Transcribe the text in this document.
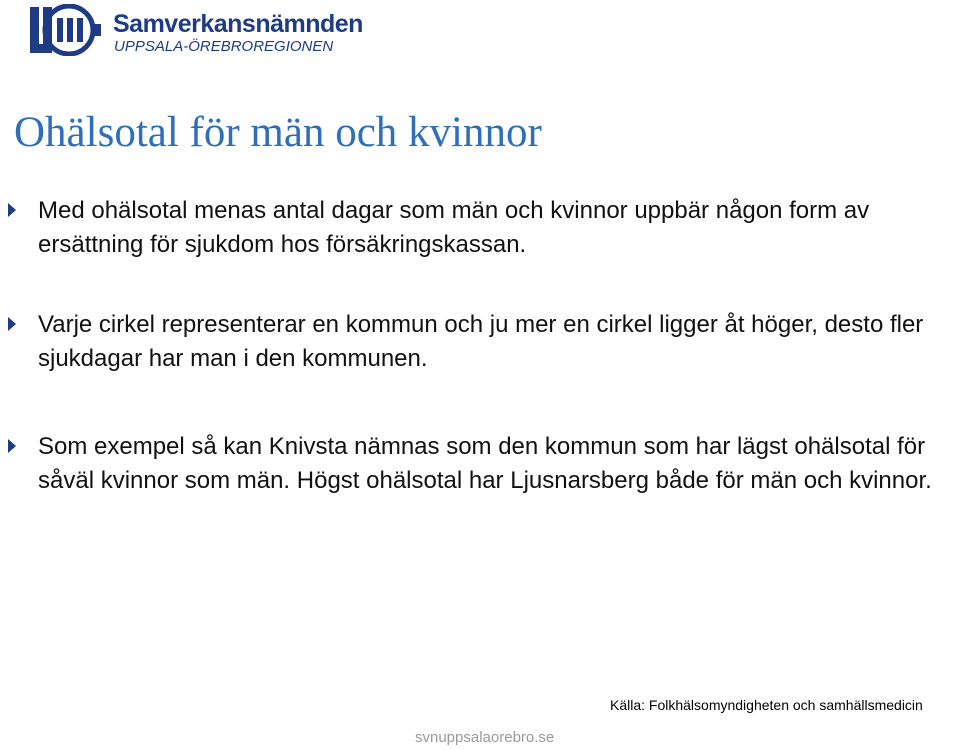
Samverkansnämnden
UPPSALA-ÖREBROREGIONEN
Ohälsotal för män och kvinnor
Med ohälsotal menas antal dagar som män och kvinnor uppbär någon form av ersättning för sjukdom hos försäkringskassan.
Varje cirkel representerar en kommun och ju mer en cirkel ligger åt höger, desto fler sjukdagar har man i den kommunen.
Som exempel så kan Knivsta nämnas som den kommun som har lägst ohälsotal för såväl kvinnor som män. Högst ohälsotal har Ljusnarsberg både för män och kvinnor.
Källa: Folkhälsomyndigheten och samhällsmedicin
svnuppsalaorebro.se
